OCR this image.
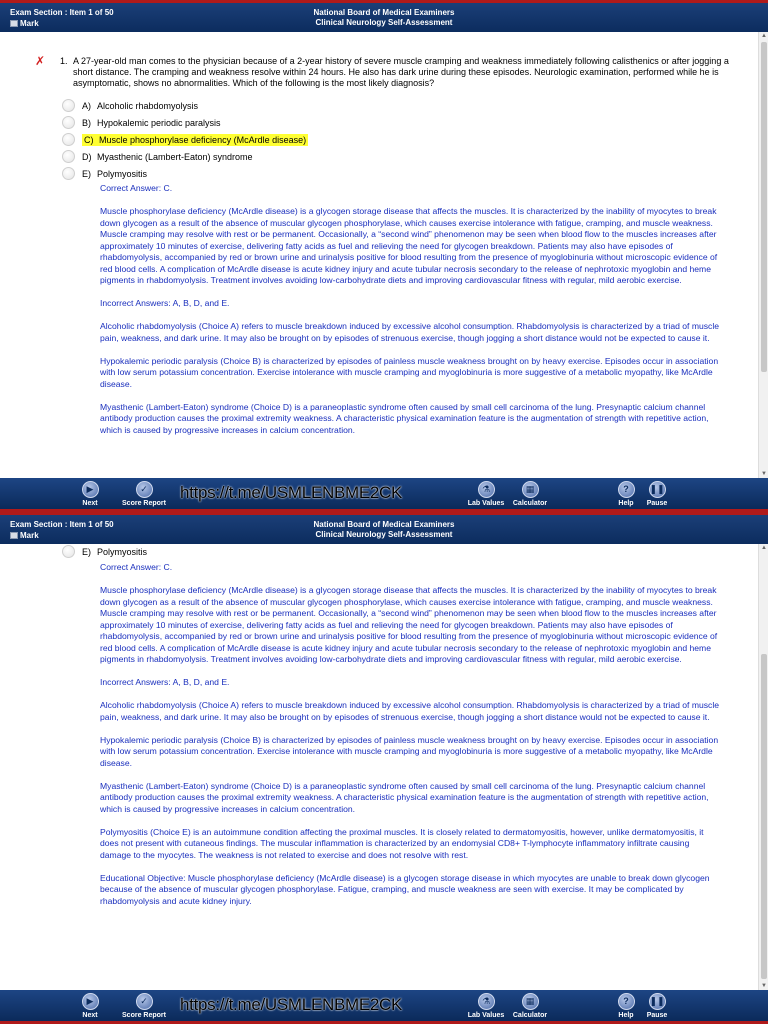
Exam Section : Item 1 of 50
Mark
National Board of Medical Examiners
Clinical Neurology Self-Assessment
✗ 1. A 27-year-old man comes to the physician because of a 2-year history of severe muscle cramping and weakness immediately following calisthenics or after jogging a short distance. The cramping and weakness resolve within 24 hours. He also has dark urine during these episodes. Neurologic examination, performed while he is asymptomatic, shows no abnormalities. Which of the following is the most likely diagnosis?
A) Alcoholic rhabdomyolysis
B) Hypokalemic periodic paralysis
C) Muscle phosphorylase deficiency (McArdle disease)
D) Myasthenic (Lambert-Eaton) syndrome
E) Polymyositis

Correct Answer: C.

Muscle phosphorylase deficiency (McArdle disease) is a glycogen storage disease that affects the muscles. It is characterized by the inability of myocytes to break down glycogen as a result of the absence of muscular glycogen phosphorylase, which causes exercise intolerance with fatigue, cramping, and muscle weakness. Muscle cramping may resolve with rest or be permanent. Occasionally, a “second wind” phenomenon may be seen when blood flow to the muscles increases after approximately 10 minutes of exercise, delivering fatty acids as fuel and relieving the need for glycogen breakdown. Patients may also have episodes of rhabdomyolysis, accompanied by red or brown urine and urinalysis positive for blood resulting from the presence of myoglobinuria without microscopic evidence of red blood cells. A complication of McArdle disease is acute kidney injury and acute tubular necrosis secondary to the release of nephrotoxic myoglobin and heme pigments in rhabdomyolysis. Treatment involves avoiding low-carbohydrate diets and improving cardiovascular fitness with regular, mild aerobic exercise.

Incorrect Answers: A, B, D, and E.

Alcoholic rhabdomyolysis (Choice A) refers to muscle breakdown induced by excessive alcohol consumption. Rhabdomyolysis is characterized by a triad of muscle pain, weakness, and dark urine. It may also be brought on by episodes of strenuous exercise, though jogging a short distance would not be expected to cause it.

Hypokalemic periodic paralysis (Choice B) is characterized by episodes of painless muscle weakness brought on by heavy exercise. Episodes occur in association with low serum potassium concentration. Exercise intolerance with muscle cramping and myoglobinuria is more suggestive of a metabolic myopathy, like McArdle disease.

Myasthenic (Lambert-Eaton) syndrome (Choice D) is a paraneoplastic syndrome often caused by small cell carcinoma of the lung. Presynaptic calcium channel antibody production causes the proximal extremity weakness. A characteristic physical examination feature is the augmentation of strength with repetitive action, which is caused by progressive increases in calcium concentration.

▲
▼
▶
Next
✓
Score Report
https://t.me/USMLENBME2CK	⚗
Lab Values
▦
Calculator
?
Help
❚❚
Pause
Exam Section : Item 1 of 50
Mark
National Board of Medical Examiners
Clinical Neurology Self-Assessment
E) Polymyositis

Correct Answer: C.

Muscle phosphorylase deficiency (McArdle disease) is a glycogen storage disease that affects the muscles. It is characterized by the inability of myocytes to break down glycogen as a result of the absence of muscular glycogen phosphorylase, which causes exercise intolerance with fatigue, cramping, and muscle weakness. Muscle cramping may resolve with rest or be permanent. Occasionally, a “second wind” phenomenon may be seen when blood flow to the muscles increases after approximately 10 minutes of exercise, delivering fatty acids as fuel and relieving the need for glycogen breakdown. Patients may also have episodes of rhabdomyolysis, accompanied by red or brown urine and urinalysis positive for blood resulting from the presence of myoglobinuria without microscopic evidence of red blood cells. A complication of McArdle disease is acute kidney injury and acute tubular necrosis secondary to the release of nephrotoxic myoglobin and heme pigments in rhabdomyolysis. Treatment involves avoiding low-carbohydrate diets and improving cardiovascular fitness with regular, mild aerobic exercise.

Incorrect Answers: A, B, D, and E.

Alcoholic rhabdomyolysis (Choice A) refers to muscle breakdown induced by excessive alcohol consumption. Rhabdomyolysis is characterized by a triad of muscle pain, weakness, and dark urine. It may also be brought on by episodes of strenuous exercise, though jogging a short distance would not be expected to cause it.

Hypokalemic periodic paralysis (Choice B) is characterized by episodes of painless muscle weakness brought on by heavy exercise. Episodes occur in association with low serum potassium concentration. Exercise intolerance with muscle cramping and myoglobinuria is more suggestive of a metabolic myopathy, like McArdle disease.

Myasthenic (Lambert-Eaton) syndrome (Choice D) is a paraneoplastic syndrome often caused by small cell carcinoma of the lung. Presynaptic calcium channel antibody production causes the proximal extremity weakness. A characteristic physical examination feature is the augmentation of strength with repetitive action, which is caused by progressive increases in calcium concentration.

Polymyositis (Choice E) is an autoimmune condition affecting the proximal muscles. It is closely related to dermatomyositis, however, unlike dermatomyositis, it does not present with cutaneous findings. The muscular inflammation is characterized by an endomysial CD8+ T-lymphocyte inflammatory infiltrate causing damage to the myocytes. The weakness is not related to exercise and does not resolve with rest.

Educational Objective: Muscle phosphorylase deficiency (McArdle disease) is a glycogen storage disease in which myocytes are unable to break down glycogen because of the absence of muscular glycogen phosphorylase. Fatigue, cramping, and muscle weakness are seen with exercise. It may be complicated by rhabdomyolysis and acute kidney injury.

▲
▼
▶
Next
✓
Score Report
https://t.me/USMLENBME2CK	⚗
Lab Values
▦
Calculator
?
Help
❚❚
Pause
